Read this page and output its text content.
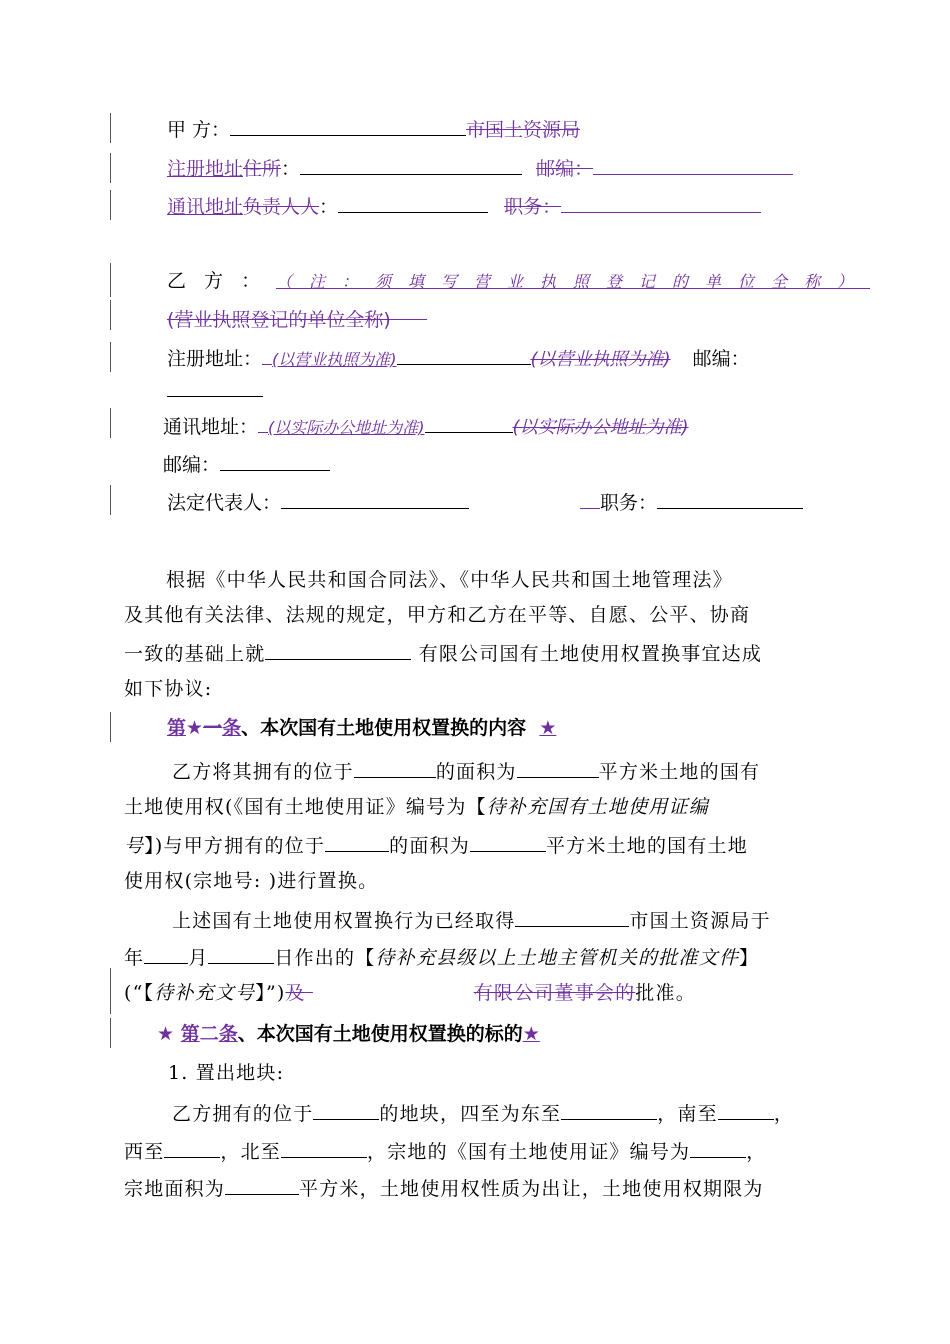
甲 方：	市国土资源局
注册地址住所：	邮编：
通讯地址负责人人：	职务：
乙 方 ： （注：须填写营业执照登记的单位全称）
(营业执照登记的单位全称)
注册地址： (以营业执照为准)	(以营业执照为准) 邮编：
通讯地址： (以实际办公地址为准)	(以实际办公地址为准)
邮编：
法定代表人：	职务：
根据《中华人民共和国合同法》、《中华人民共和国土地管理法》
及其他有关法律、法规的规定，甲方和乙方在平等、自愿、公平、协商
一致的基础上就	有限公司国有土地使用权置换事宜达成
如下协议:
第★一条、本次国有土地使用权置换的内容 ★
乙方将其拥有的位于	的面积为	平方米土地的国有
土地使用权(《国有土地使用证》编号为【待补充国有土地使用证编
号】)与甲方拥有的位于	的面积为	平方米土地的国有土地
使用权(宗地号: )进行置换。
上述国有土地使用权置换行为已经取得	市国土资源局于
年 月	日作出的【待补充县级以上土地主管机关的批准文件】
(“【待补充文号】”)及	有限公司董事会的批准。
★ 第二条、本次国有土地使用权置换的标的★
1. 置出地块:
乙方拥有的位于	的地块，四至为东至	，南至	，
西至	，北至	，宗地的《国有土地使用证》编号为	，
宗地面积为	平方米，土地使用权性质为出让，土地使用权期限为
